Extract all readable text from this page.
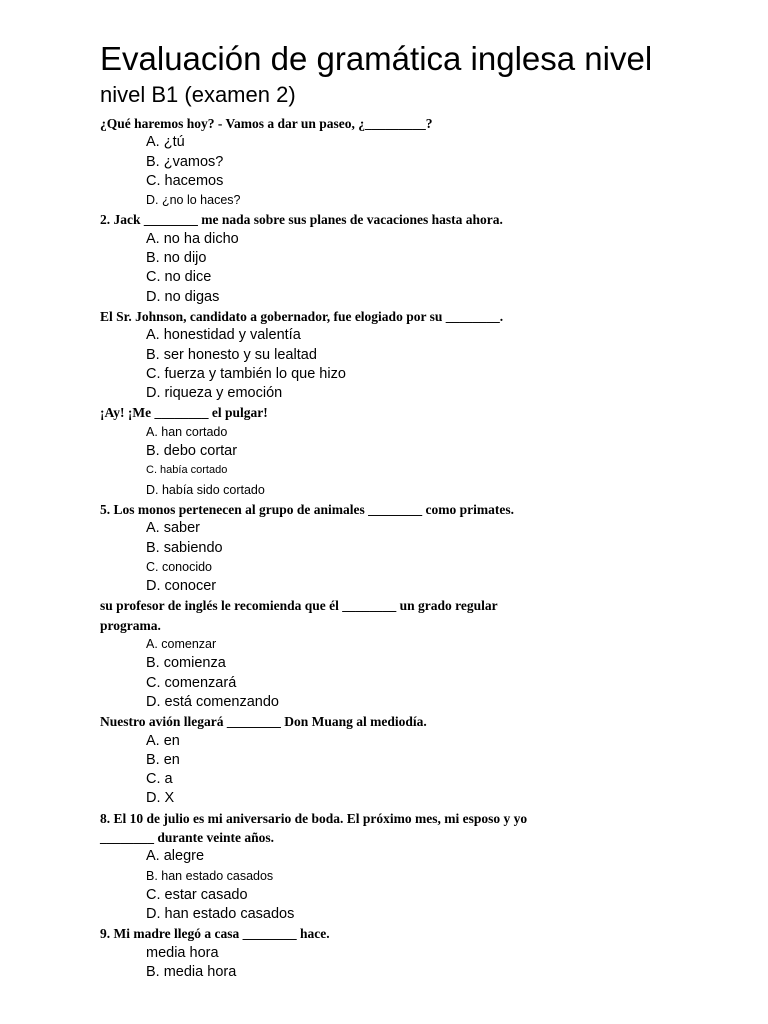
Evaluación de gramática inglesa nivel
nivel B1 (examen 2)

¿Qué haremos hoy? - Vamos a dar un paseo, ¿_________?

A. ¿tú

B. ¿vamos?

C. hacemos

D. ¿no lo haces?

2. Jack ________ me nada sobre sus planes de vacaciones hasta ahora.

A. no ha dicho

B. no dijo

C. no dice

D. no digas

El Sr. Johnson, candidato a gobernador, fue elogiado por su ________.

A. honestidad y valentía

B. ser honesto y su lealtad

C. fuerza y también lo que hizo

D. riqueza y emoción

¡Ay! ¡Me ________ el pulgar!

A. han cortado

B. debo cortar

C. había cortado

D. había sido cortado

5. Los monos pertenecen al grupo de animales ________ como primates.

A. saber

B. sabiendo

C. conocido

D. conocer

su profesor de inglés le recomienda que él ________ un grado regular

programa.

A. comenzar

B. comienza

C. comenzará

D. está comenzando

Nuestro avión llegará ________ Don Muang al mediodía.

A. en

B. en

C. a

D. X

8. El 10 de julio es mi aniversario de boda. El próximo mes, mi esposo y yo

________ durante veinte años.

A. alegre

B. han estado casados

C. estar casado

D. han estado casados

9. Mi madre llegó a casa ________ hace.

media hora

B. media hora
